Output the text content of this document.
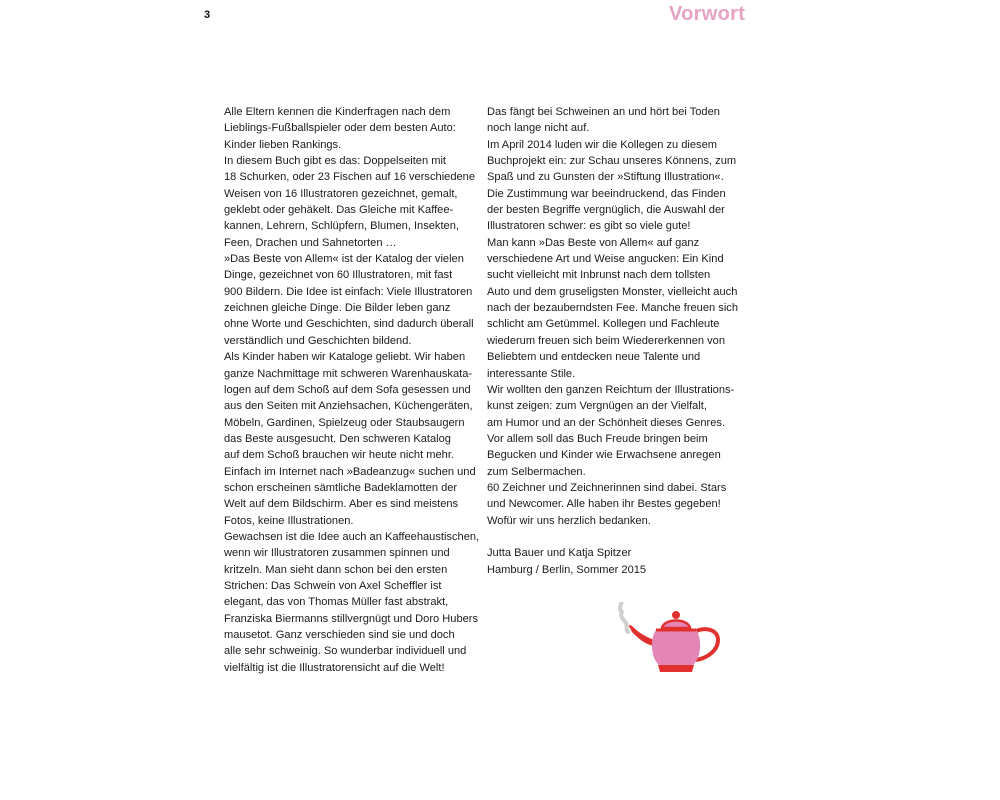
3	Vorwort

Alle Eltern kennen die Kinderfragen nach dem

Lieblings-Fußballspieler oder dem besten Auto:

Kinder lieben Rankings.

In diesem Buch gibt es das: Doppelseiten mit

18 Schurken, oder 23 Fischen auf 16 verschiedene

Weisen von 16 Illustratoren gezeichnet, gemalt,

geklebt oder gehäkelt. Das Gleiche mit Kaffee-

kannen, Lehrern, Schlüpfern, Blumen, Insekten,

Feen, Drachen und Sahnetorten …

»Das Beste von Allem« ist der Katalog der vielen

Dinge, gezeichnet von 60 Illustratoren, mit fast

900 Bildern. Die Idee ist einfach: Viele Illustratoren

zeichnen gleiche Dinge. Die Bilder leben ganz

ohne Worte und Geschichten, sind dadurch überall

verständlich und Geschichten bildend.

Als Kinder haben wir Kataloge geliebt. Wir haben

ganze Nachmittage mit schweren Warenhauskata-

logen auf dem Schoß auf dem Sofa gesessen und

aus den Seiten mit Anziehsachen, Küchengeräten,

Möbeln, Gardinen, Spielzeug oder Staubsaugern

das Beste ausgesucht. Den schweren Katalog

auf dem Schoß brauchen wir heute nicht mehr.

Einfach im Internet nach »Badeanzug« suchen und

schon erscheinen sämtliche Badeklamotten der

Welt auf dem Bildschirm. Aber es sind meistens

Fotos, keine Illustrationen.

Gewachsen ist die Idee auch an Kaffeehaustischen,

wenn wir Illustratoren zusammen spinnen und

kritzeln. Man sieht dann schon bei den ersten

Strichen: Das Schwein von Axel Scheffler ist

elegant, das von Thomas Müller fast abstrakt,

Franziska Biermanns stillvergnügt und Doro Hubers

mausetot. Ganz verschieden sind sie und doch

alle sehr schweinig. So wunderbar individuell und

vielfältig ist die Illustratorensicht auf die Welt!

Das fängt bei Schweinen an und hört bei Toden

noch lange nicht auf.

Im April 2014 luden wir die Kollegen zu diesem

Buchprojekt ein: zur Schau unseres Könnens, zum

Spaß und zu Gunsten der »Stiftung Illustration«.

Die Zustimmung war beeindruckend, das Finden

der besten Begriffe vergnüglich, die Auswahl der

Illustratoren schwer: es gibt so viele gute!

Man kann »Das Beste von Allem« auf ganz

verschiedene Art und Weise angucken: Ein Kind

sucht vielleicht mit Inbrunst nach dem tollsten

Auto und dem gruseligsten Monster, vielleicht auch

nach der bezauberndsten Fee. Manche freuen sich

schlicht am Getümmel. Kollegen und Fachleute

wiederum freuen sich beim Wiedererkennen von

Beliebtem und entdecken neue Talente und

interessante Stile.

Wir wollten den ganzen Reichtum der Illustrations-

kunst zeigen: zum Vergnügen an der Vielfalt,

am Humor und an der Schönheit dieses Genres.

Vor allem soll das Buch Freude bringen beim

Begucken und Kinder wie Erwachsene anregen

zum Selbermachen.

60 Zeichner und Zeichnerinnen sind dabei. Stars

und Newcomer. Alle haben ihr Bestes gegeben!

Wofür wir uns herzlich bedanken.

Jutta Bauer und Katja Spitzer

Hamburg / Berlin, Sommer 2015
